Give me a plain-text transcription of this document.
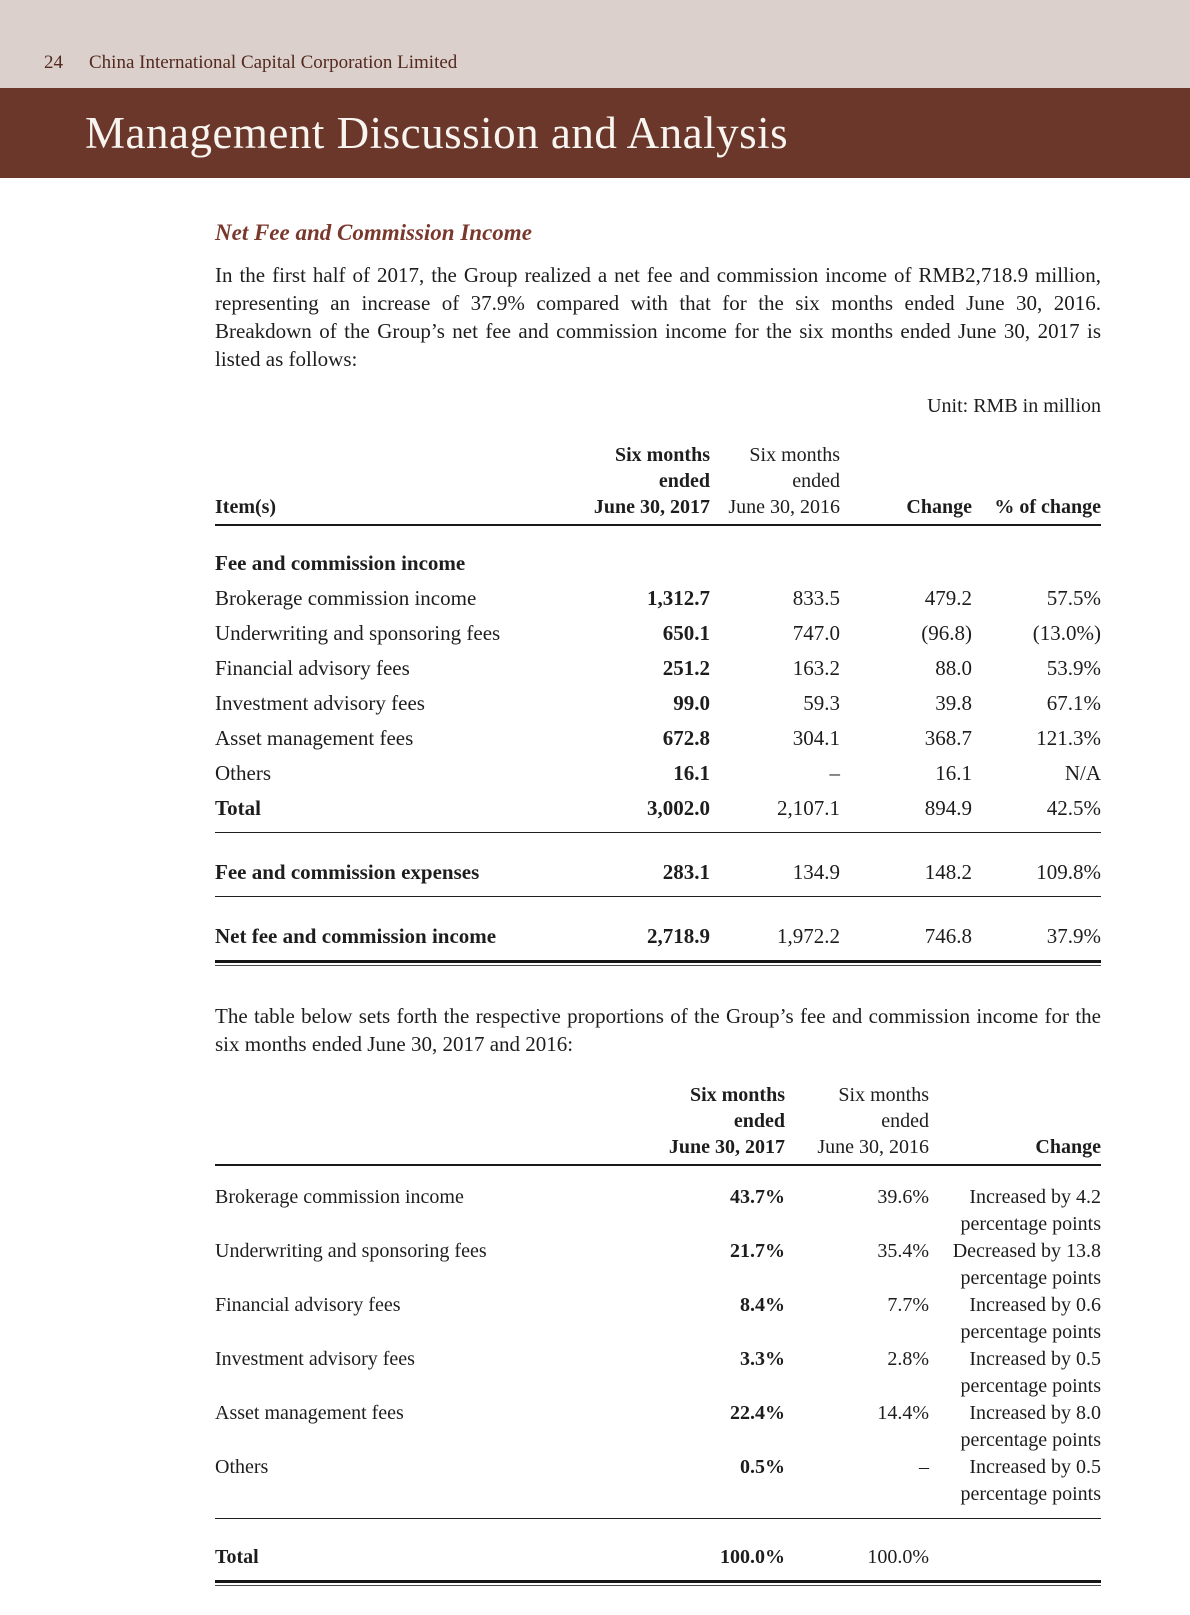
24 China International Capital Corporation Limited
Management Discussion and Analysis
Net Fee and Commission Income

In the first half of 2017, the Group realized a net fee and commission income of RMB2,718.9 million, representing an increase of 37.9% compared with that for the six months ended June 30, 2016. Breakdown of the Group’s net fee and commission income for the six months ended June 30, 2017 is listed as follows:

Unit: RMB in million
Item(s)
Six months
ended
June 30, 2017
Six months
ended
June 30, 2016	Change	% of change
Fee and commission income
Brokerage commission income	1,312.7	833.5	479.2	57.5%
Underwriting and sponsoring fees	650.1	747.0	(96.8)	(13.0%)
Financial advisory fees	251.2	163.2	88.0	53.9%
Investment advisory fees	99.0	59.3	39.8	67.1%
Asset management fees	672.8	304.1	368.7	121.3%
Others	16.1	–	16.1	N/A
Total	3,002.0	2,107.1	894.9	42.5%
Fee and commission expenses	283.1	134.9	148.2	109.8%
Net fee and commission income	2,718.9	1,972.2	746.8	37.9%

The table below sets forth the respective proportions of the Group’s fee and commission income for the six months ended June 30, 2017 and 2016:

Six months
ended
June 30, 2017
Six months
ended
June 30, 2016	Change
Brokerage commission income	43.7%	39.6%	Increased by 4.2
percentage points
Underwriting and sponsoring fees	21.7%	35.4%	Decreased by 13.8
percentage points
Financial advisory fees	8.4%	7.7%	Increased by 0.6
percentage points
Investment advisory fees	3.3%	2.8%	Increased by 0.5
percentage points
Asset management fees	22.4%	14.4%	Increased by 8.0
percentage points
Others	0.5%	–	Increased by 0.5
percentage points
Total	100.0%	100.0%
